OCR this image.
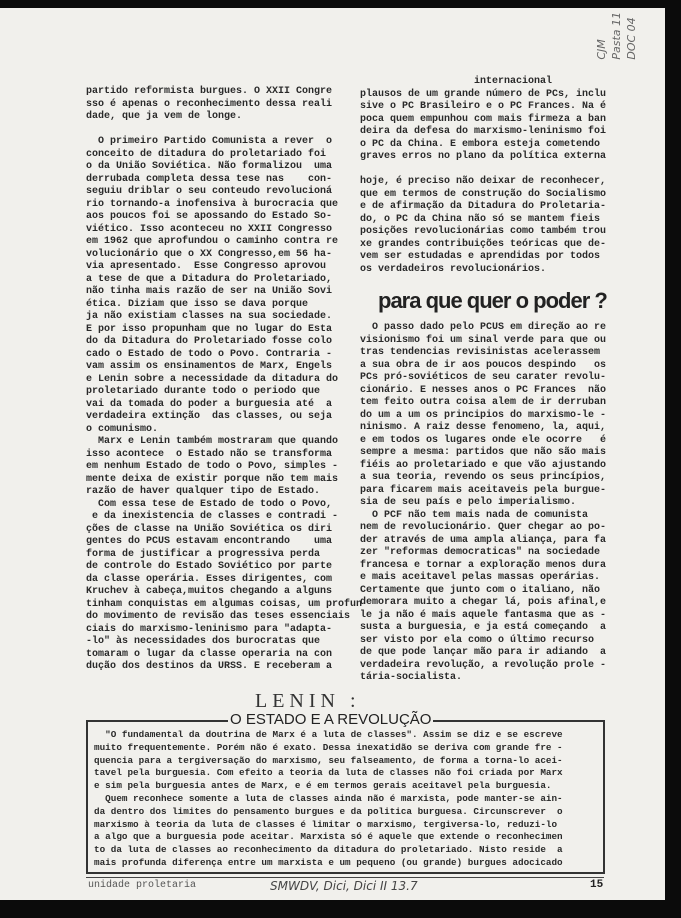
CJM Pasta 11 DOC 04
partido reformista burgues. O XXII Congre
sso é apenas o reconhecimento dessa reali
dade, que ja vem de longe.
O primeiro Partido Comunista a rever  o
conceito de ditadura do proletariado foi
o da União Soviética. Não formalizou  uma
derrubada completa dessa tese nas    con-
seguiu driblar o seu conteudo revolucioná
rio tornando-a inofensiva à burocracia que
aos poucos foi se apossando do Estado So-
viético. Isso aconteceu no XXII Congresso
em 1962 que aprofundou o caminho contra re
volucionário que o XX Congresso,em 56 ha-
via apresentado.  Esse Congresso aprovou
a tese de que a Ditadura do Proletariado,
não tinha mais razão de ser na União Sovi
ética. Diziam que isso se dava porque
ja não existiam classes na sua sociedade.
E por isso propunham que no lugar do Esta
do da Ditadura do Proletariado fosse colo
cado o Estado de todo o Povo. Contraria -
vam assim os ensinamentos de Marx, Engels
e Lenin sobre a necessidade da ditadura do
proletariado durante todo o periodo que
vai da tomada do poder a burguesia até  a
verdadeira extinção  das classes, ou seja
o comunismo.
Marx e Lenin também mostraram que quando
isso acontece  o Estado não se transforma
em nenhum Estado de todo o Povo, simples -
mente deixa de existir porque não tem mais
razão de haver qualquer tipo de Estado.
Com essa tese de Estado de todo o Povo,
e da inexistencia de classes e contradi -
ções de classe na União Soviética os diri
gentes do PCUS estavam encontrando    uma
forma de justificar a progressiva perda
de controle do Estado Soviético por parte
da classe operária. Esses dirigentes, com
Kruchev à cabeça,muitos chegando a alguns
tinham conquistas em algumas coisas, um profun
do movimento de revisão das teses essenciais
ciais do marxismo-leninismo para "adapta-
-lo" às necessidades dos burocratas que
tomaram o lugar da classe operaria na con
dução dos destinos da URSS. E receberam a
internacional
plausos de um grande número de PCs, inclu
sive o PC Brasileiro e o PC Frances. Na é
poca quem empunhou com mais firmeza a ban
deira da defesa do marxismo-leninismo foi
o PC da China. E embora esteja cometendo
graves erros no plano da política externa
hoje, é preciso não deixar de reconhecer,
que em termos de construção do Socialismo
e de afirmação da Ditadura do Proletaria-
do, o PC da China não só se mantem fieis
posições revolucionárias como também trou
xe grandes contribuições teóricas que de-
vem ser estudadas e aprendidas por todos
os verdadeiros revolucionários.
para que quer o poder ?
O passo dado pelo PCUS em direção ao re
visionismo foi um sinal verde para que ou
tras tendencias revisinistas acelerassem
a sua obra de ir aos poucos despindo   os
PCs pró-soviéticos de seu carater revolu-
cionário. E nesses anos o PC Frances  não
tem feito outra coisa alem de ir derruban
do um a um os principios do marxismo-le -
ninismo. A raiz desse fenomeno, la, aqui,
e em todos os lugares onde ele ocorre   é
sempre a mesma: partidos que não são mais
fiéis ao proletariado e que vão ajustando
a sua teoria, revendo os seus princípios,
para ficarem mais aceitaveis pela burgue-
sia de seu país e pelo imperialismo.
O PCF não tem mais nada de comunista
nem de revolucionário. Quer chegar ao po-
der através de uma ampla aliança, para fa
zer "reformas democraticas" na sociedade
francesa e tornar a exploração menos dura
e mais aceitavel pelas massas operárias.
Certamente que junto com o italiano, não
demorara muito a chegar lá, pois afinal,e
le ja não é mais aquele fantasma que as -
susta a burguesia, e ja está começando  a
ser visto por ela como o último recurso
de que pode lançar mão para ir adiando  a
verdadeira revolução, a revolução prole -
tária-socialista.
LENIN :
O ESTADO E A REVOLUÇÃO
"O fundamental da doutrina de Marx é a luta de classes". Assim se diz e se escreve
muito frequentemente. Porém não é exato. Dessa inexatidão se deriva com grande fre -
quencia para a tergiversação do marxismo, seu falseamento, de forma a torna-lo acei-
tavel pela burguesia. Com efeito a teoria da luta de classes não foi criada por Marx
e sim pela burguesia antes de Marx, e é em termos gerais aceitavel pela burguesia.
Quem reconhece somente a luta de classes ainda não é marxista, pode manter-se ain-
da dentro dos limites do pensamento burgues e da politica burguesa. Circunscrever  o
marxismo à teoria da luta de classes é limitar o marxismo, tergiversa-lo, reduzi-lo
a algo que a burguesia pode aceitar. Marxista só é aquele que extende o reconhecimen
to da luta de classes ao reconhecimento da ditadura do proletariado. Nisto reside  a
mais profunda diferença entre um marxista e um pequeno (ou grande) burgues adocicado
unidade proletaria	SMWDV, Dici, Dici II 13.7	15
